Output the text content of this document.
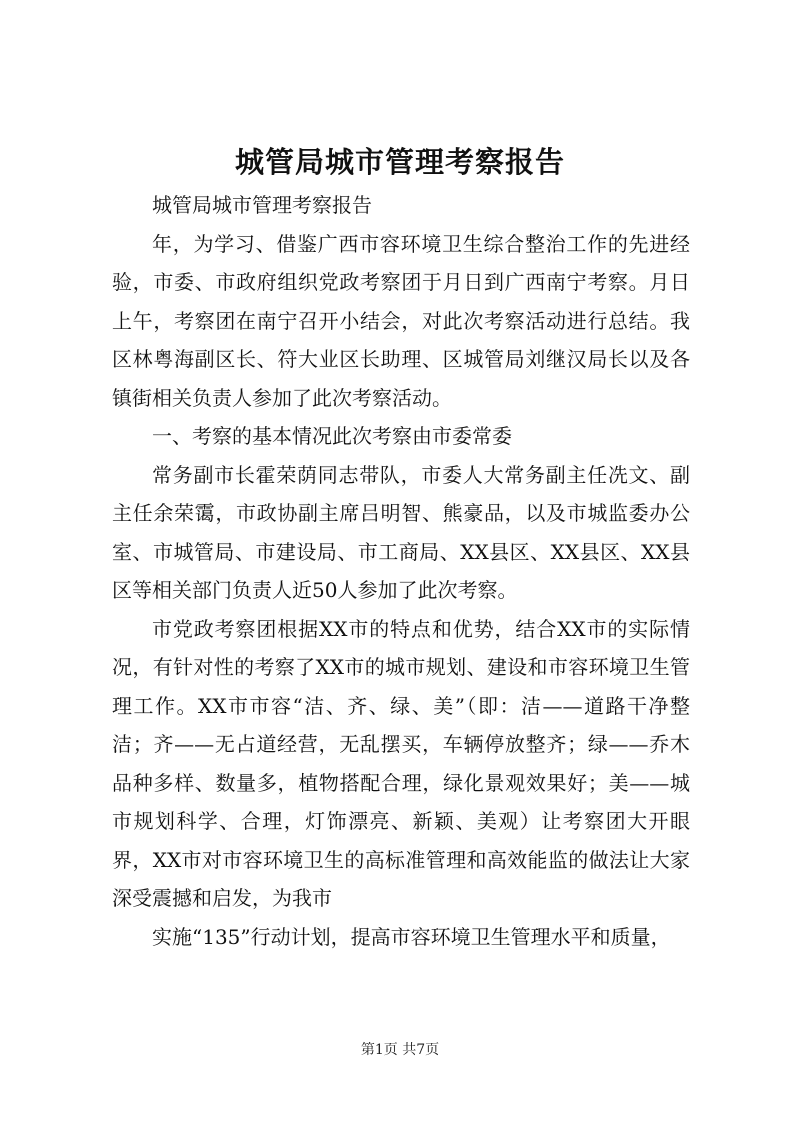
城管局城市管理考察报告

城管局城市管理考察报告

年，为学习、借鉴广西市容环境卫生综合整治工作的先进经验，市委、市政府组织党政考察团于月日到广西南宁考察。月日上午，考察团在南宁召开小结会，对此次考察活动进行总结。我区林粤海副区长、符大业区长助理、区城管局刘继汉局长以及各镇街相关负责人参加了此次考察活动。

一、考察的基本情况此次考察由市委常委

常务副市长霍荣荫同志带队，市委人大常务副主任冼文、副主任余荣霭，市政协副主席吕明智、熊豪品，以及市城监委办公室、市城管局、市建设局、市工商局、XX县区、XX县区、XX县区等相关部门负责人近50人参加了此次考察。

市党政考察团根据XX市的特点和优势，结合XX市的实际情况，有针对性的考察了XX市的城市规划、建设和市容环境卫生管理工作。XX市市容“洁、齐、绿、美”（即：洁——道路干净整洁；齐——无占道经营，无乱摆买，车辆停放整齐；绿——乔木品种多样、数量多，植物搭配合理，绿化景观效果好；美——城市规划科学、合理，灯饰漂亮、新颖、美观）让考察团大开眼界，XX市对市容环境卫生的高标准管理和高效能监的做法让大家深受震撼和启发，为我市

实施“135”行动计划，提高市容环境卫生管理水平和质量，

第1页 共7页
